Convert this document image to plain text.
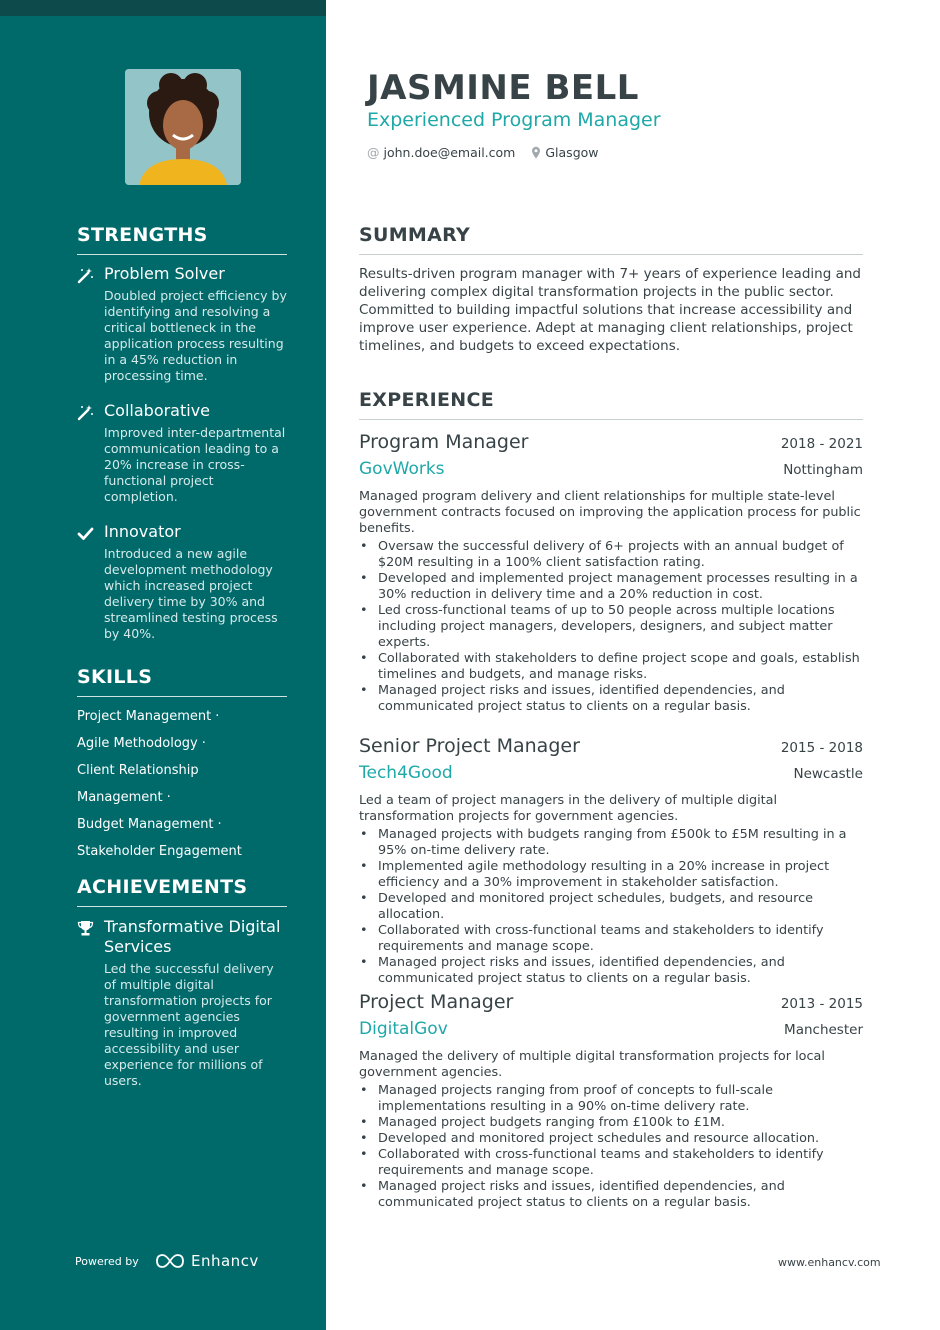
STRENGTHS
Problem Solver
Doubled project efficiency by identifying and resolving a critical bottleneck in the application process resulting in a 45% reduction in processing time.
Collaborative
Improved inter-departmental communication leading to a 20% increase in cross-functional project completion.
Innovator
Introduced a new agile development methodology which increased project delivery time by 30% and streamlined testing process by 40%.
SKILLS
Project Management ·
Agile Methodology ·
Client Relationship Management ·
Budget Management ·
Stakeholder Engagement
ACHIEVEMENTS
Transformative Digital Services
Led the successful delivery of multiple digital transformation projects for government agencies resulting in improved accessibility and user experience for millions of users.
Powered by	Enhancv
JASMINE BELL
Experienced Program Manager
@ john.doe@email.com Glasgow
SUMMARY

Results-driven program manager with 7+ years of experience leading and delivering complex digital transformation projects in the public sector. Committed to building impactful solutions that increase accessibility and improve user experience. Adept at managing client relationships, project timelines, and budgets to exceed expectations.

EXPERIENCE
Program Manager	2018 - 2021
GovWorks	Nottingham
Managed program delivery and client relationships for multiple state-level government contracts focused on improving the application process for public benefits.
• Oversaw the successful delivery of 6+ projects with an annual budget of $20M resulting in a 100% client satisfaction rating.
• Developed and implemented project management processes resulting in a 30% reduction in delivery time and a 20% reduction in cost.
• Led cross-functional teams of up to 50 people across multiple locations including project managers, developers, designers, and subject matter experts.
• Collaborated with stakeholders to define project scope and goals, establish timelines and budgets, and manage risks.
• Managed project risks and issues, identified dependencies, and communicated project status to clients on a regular basis.
Senior Project Manager	2015 - 2018
Tech4Good	Newcastle
Led a team of project managers in the delivery of multiple digital transformation projects for government agencies.
• Managed projects with budgets ranging from £500k to £5M resulting in a 95% on-time delivery rate.
• Implemented agile methodology resulting in a 20% increase in project efficiency and a 30% improvement in stakeholder satisfaction.
• Developed and monitored project schedules, budgets, and resource allocation.
• Collaborated with cross-functional teams and stakeholders to identify requirements and manage scope.
• Managed project risks and issues, identified dependencies, and communicated project status to clients on a regular basis.
Project Manager	2013 - 2015
DigitalGov	Manchester
Managed the delivery of multiple digital transformation projects for local government agencies.
• Managed projects ranging from proof of concepts to full-scale implementations resulting in a 90% on-time delivery rate.
• Managed project budgets ranging from £100k to £1M.
• Developed and monitored project schedules and resource allocation.
• Collaborated with cross-functional teams and stakeholders to identify requirements and manage scope.
• Managed project risks and issues, identified dependencies, and communicated project status to clients on a regular basis.
www.enhancv.com
